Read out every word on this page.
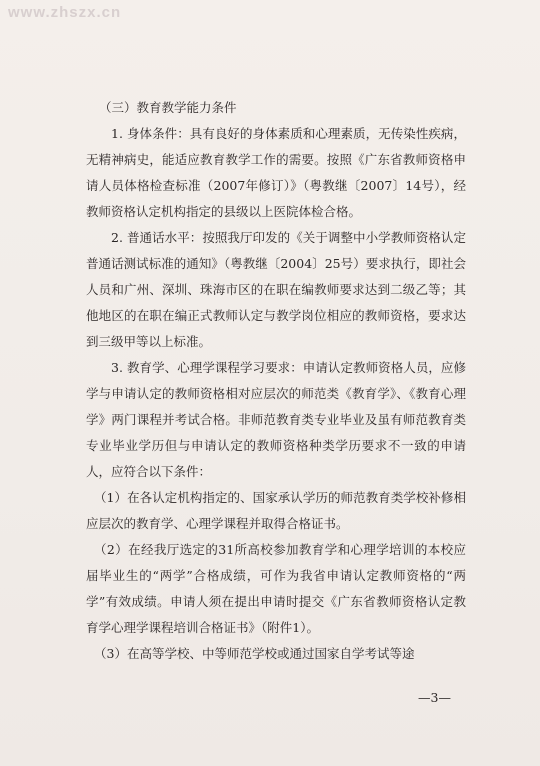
www.zhszx.cn

（三）教育教学能力条件

1. 身体条件：具有良好的身体素质和心理素质，无传染性疾病，无精神病史，能适应教育教学工作的需要。按照《广东省教师资格申请人员体格检查标准（2007年修订）》（粤教继〔2007〕14号），经教师资格认定机构指定的县级以上医院体检合格。

2. 普通话水平：按照我厅印发的《关于调整中小学教师资格认定普通话测试标准的通知》（粤教继〔2004〕25号）要求执行，即社会人员和广州、深圳、珠海市区的在职在编教师要求达到二级乙等；其他地区的在职在编正式教师认定与教学岗位相应的教师资格，要求达到三级甲等以上标准。

3. 教育学、心理学课程学习要求：申请认定教师资格人员，应修学与申请认定的教师资格相对应层次的师范类《教育学》、《教育心理学》两门课程并考试合格。非师范教育类专业毕业及虽有师范教育类专业毕业学历但与申请认定的教师资格种类学历要求不一致的申请人，应符合以下条件：

（1）在各认定机构指定的、国家承认学历的师范教育类学校补修相应层次的教育学、心理学课程并取得合格证书。

（2）在经我厅选定的31所高校参加教育学和心理学培训的本校应届毕业生的“两学”合格成绩，可作为我省申请认定教师资格的“两学”有效成绩。申请人须在提出申请时提交《广东省教师资格认定教育学心理学课程培训合格证书》（附件1）。

（3）在高等学校、中等师范学校或通过国家自学考试等途

—3—
